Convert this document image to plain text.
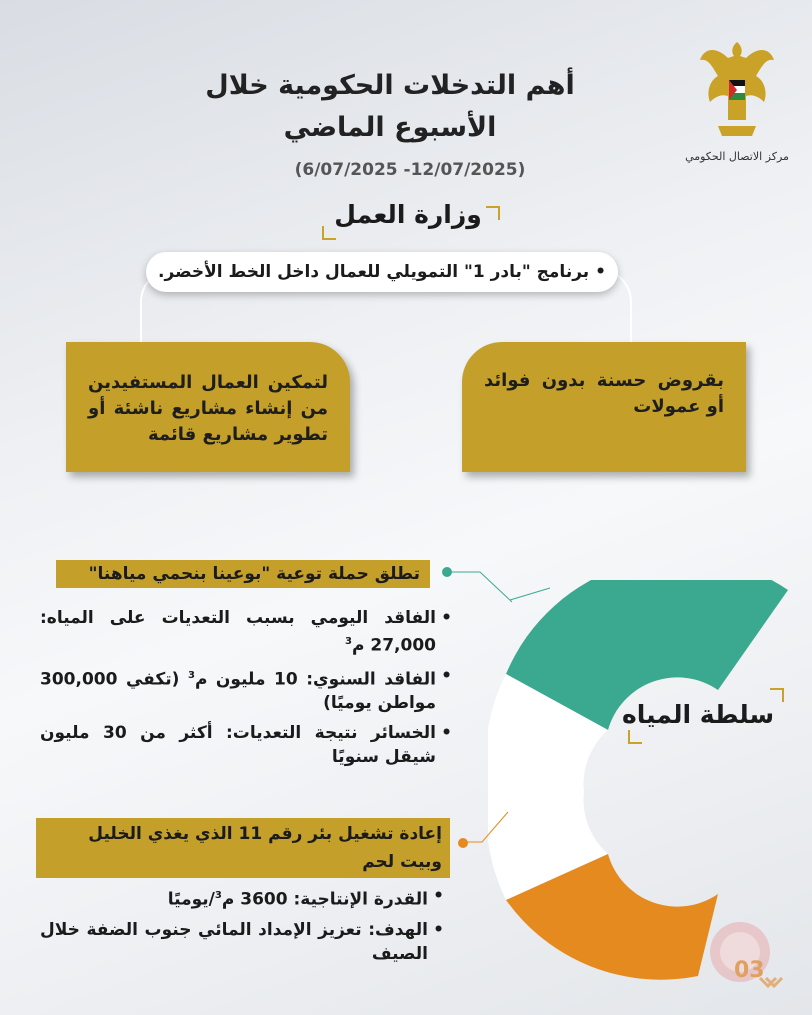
أهم التدخلات الحكومية خلال
الأسبوع الماضي
(6/07/2025 -12/07/2025)
مركز الاتصال الحكومي
وزارة العمل
• برنامج "بادر 1" التمويلي للعمال داخل الخط الأخضر.
بقروض حسنة بدون فوائد أو عمولات
لتمكين العمال المستفيدين من إنشاء مشاريع ناشئة أو تطوير مشاريع قائمة
سلطة المياه
تطلق حملة توعية "بوعينا بنحمي مياهنا"
• الفاقد اليومي بسبب التعديات على المياه: 27,000 م$^3$
• الفاقد السنوي: 10 مليون م$^3$ (تكفي 300,000 مواطن يوميًا)
• الخسائر نتيجة التعديات: أكثر من 30 مليون شيقل سنويًا
إعادة تشغيل بئر رقم 11 الذي يغذي الخليل وبيت لحم
• القدرة الإنتاجية: 3600 م$^3$/يوميًا
• الهدف: تعزيز الإمداد المائي جنوب الضفة خلال الصيف
03
